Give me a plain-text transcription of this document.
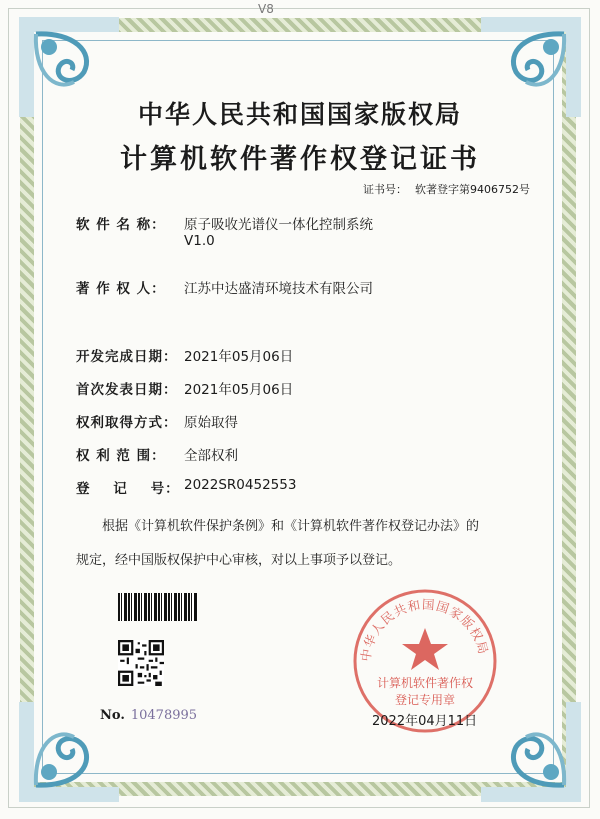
V8
中华人民共和国国家版权局
计算机软件著作权登记证书
证书号： 软著登字第9406752号
软 件 名 称： 原子吸收光谱仪一体化控制系统
V1.0
著 作 权 人： 江苏中达盛清环境技术有限公司
开发完成日期： 2021年05月06日
首次发表日期： 2021年05月06日
权利取得方式： 原始取得
权 利 范 围： 全部权利
登    记    号： 2022SR0452553
根据《计算机软件保护条例》和《计算机软件著作权登记办法》的
规定，经中国版权保护中心审核，对以上事项予以登记。
No. 10478995
中华人民共和国国家版权局
计算机软件著作权
登记专用章
2022年04月11日
